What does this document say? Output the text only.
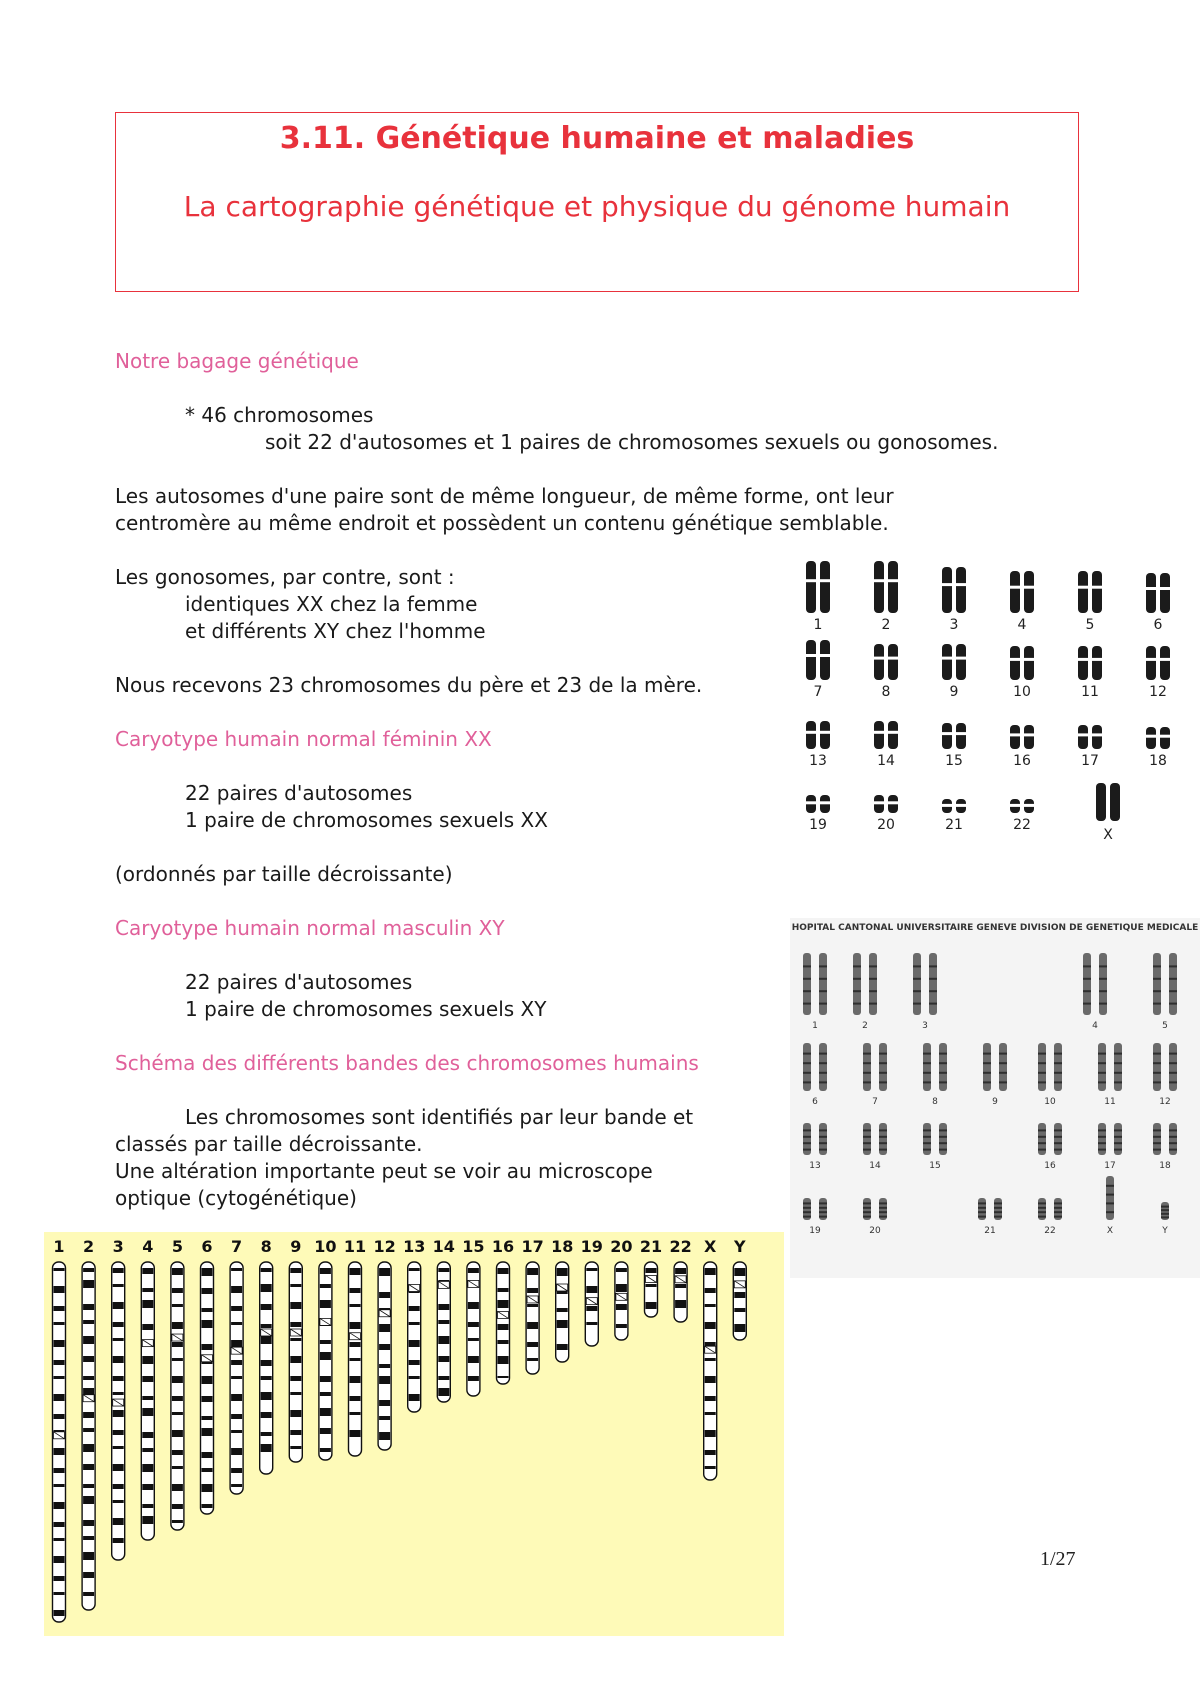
3.11. Génétique humaine et maladies
La cartographie génétique et physique du génome humain
Notre bagage génétique
* 46 chromosomes
soit 22 d'autosomes et 1 paires de chromosomes sexuels ou gonosomes.
Les autosomes d'une paire sont de même longueur, de même forme, ont leur
centromère au même endroit et possèdent un contenu génétique semblable.
Les gonosomes, par contre, sont :
identiques XX chez la femme
et différents XY chez l'homme
Nous recevons 23 chromosomes du père et 23 de la mère.
Caryotype humain normal féminin XX
22 paires d'autosomes
1 paire de chromosomes sexuels XX
(ordonnés par taille décroissante)
Caryotype humain normal masculin XY
22 paires d'autosomes
1 paire de chromosomes sexuels XY
Schéma des différents bandes des chromosomes humains
Les chromosomes sont identifiés par leur bande et
classés par taille décroissante.
Une altération importante peut se voir au microscope
optique (cytogénétique)
1	2	3	4	5	6
7	8	9	10	11	12
13	14	15	16	17	18
19	20	21	22
X
HOPITAL CANTONAL UNIVERSITAIRE GENEVE DIVISION DE GENETIQUE MEDICALE
1	2	3	4	5
6	7	8	9	10	11	12
13	14	15	16	17	18
19	20	21	22	X	Y
1 2 3 4 5 6 7 8 9 10 11 12 13 14 15 16 17 18 19 20 21 22 X Y
1/27
